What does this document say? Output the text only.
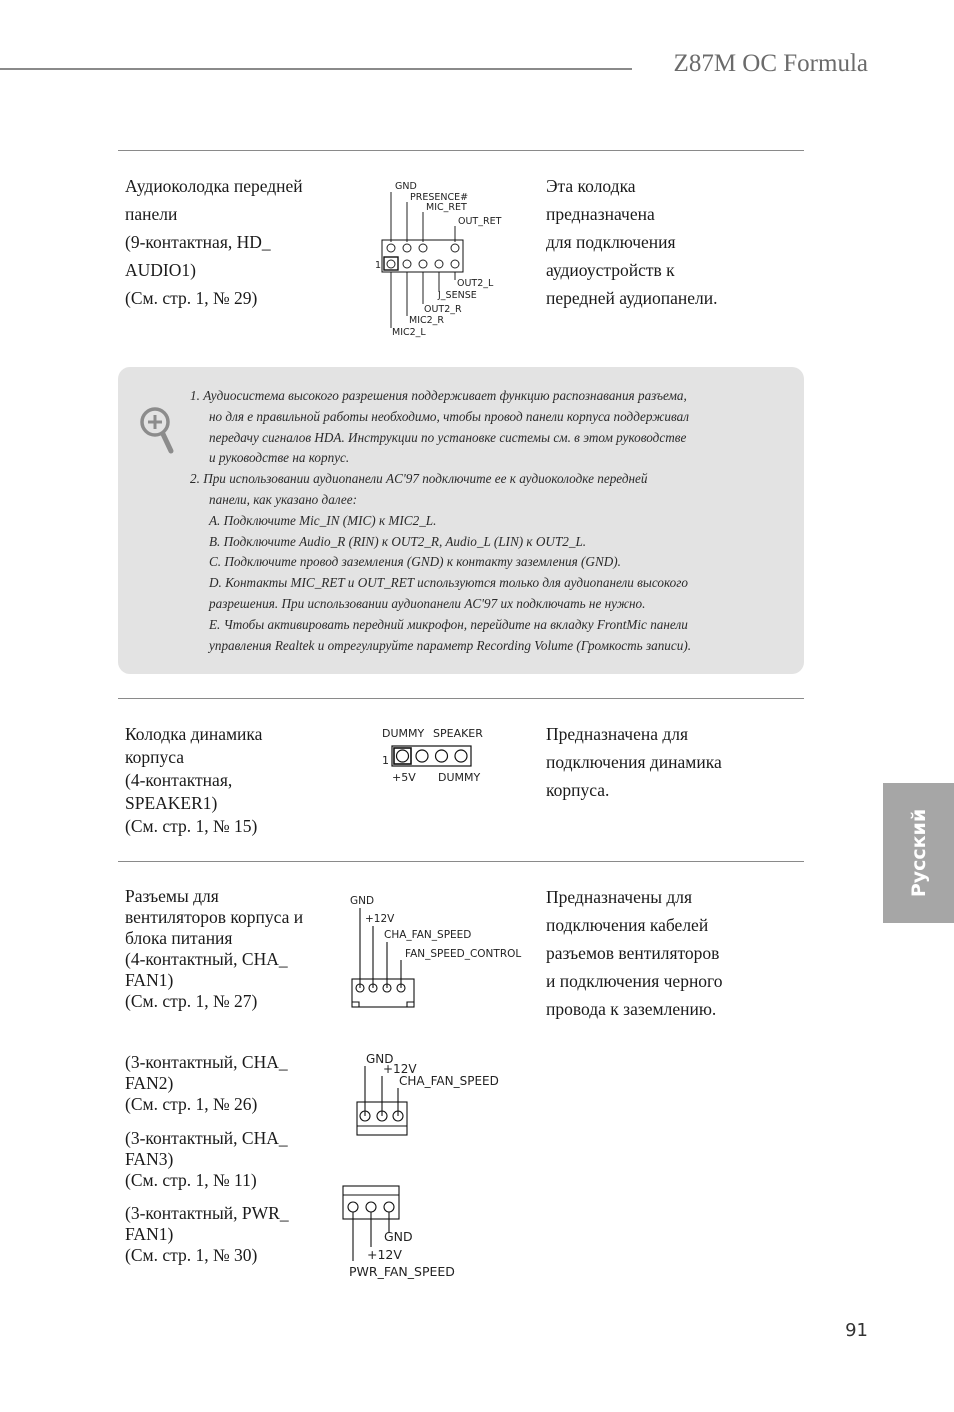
Z87M OC Formula
Аудиоколодка передней
панели
(9-контактная, HD_
AUDIO1)
(См. стр. 1, № 29)
Эта колодка
предназначена
для подключения
аудиоустройств к
передней аудиопанели.
GND
PRESENCE#
MIC_RET
OUT_RET
1
OUT2_L
J_SENSE
OUT2_R
MIC2_R
MIC2_L
1. Аудиосистема высокого разрешения поддерживает функцию распознавания разъема,
но для е правильной работы необходимо, чтобы провод панели корпуса поддерживал
передачу сигналов HDA. Инструкции по установке системы см. в этом руководстве
и руководстве на корпус.
2. При использовании аудиопанели AC'97 подключите ее к аудиоколодке передней
панели, как указано далее:
A. Подключите Mic_IN (MIC) к MIC2_L.
B. Подключите Audio_R (RIN) к OUT2_R, Audio_L (LIN) к OUT2_L.
C. Подключите провод заземления (GND) к контакту заземления (GND).
D. Контакты MIC_RET и OUT_RET используются только для аудиопанели высокого
разрешения. При использовании аудиопанели AC'97 их подключать не нужно.
E. Чтобы активировать передний микрофон, перейдите на вкладку FrontMic панели
управления Realtek и отрегулируйте параметр Recording Volume (Громкость записи).
Колодка динамика
корпуса
(4-контактная,
SPEAKER1)
(См. стр. 1, № 15)
Предназначена для
подключения динамика
корпуса.
DUMMY SPEAKER
1
+5V DUMMY
Разъемы для
вентиляторов корпуса и
блока питания
(4-контактный, CHA_
FAN1)
(См. стр. 1, № 27)
Предназначены для
подключения кабелей
разъемов вентиляторов
и подключения черного
провода к заземлению.
GND
+12V
CHA_FAN_SPEED
FAN_SPEED_CONTROL
(3-контактный, CHA_
FAN2)
(См. стр. 1, № 26)
(3-контактный, CHA_
FAN3)
(См. стр. 1, № 11)
(3-контактный, PWR_
FAN1)
(См. стр. 1, № 30)
GND
+12V
CHA_FAN_SPEED
GND
+12V
PWR_FAN_SPEED
Русский
91
